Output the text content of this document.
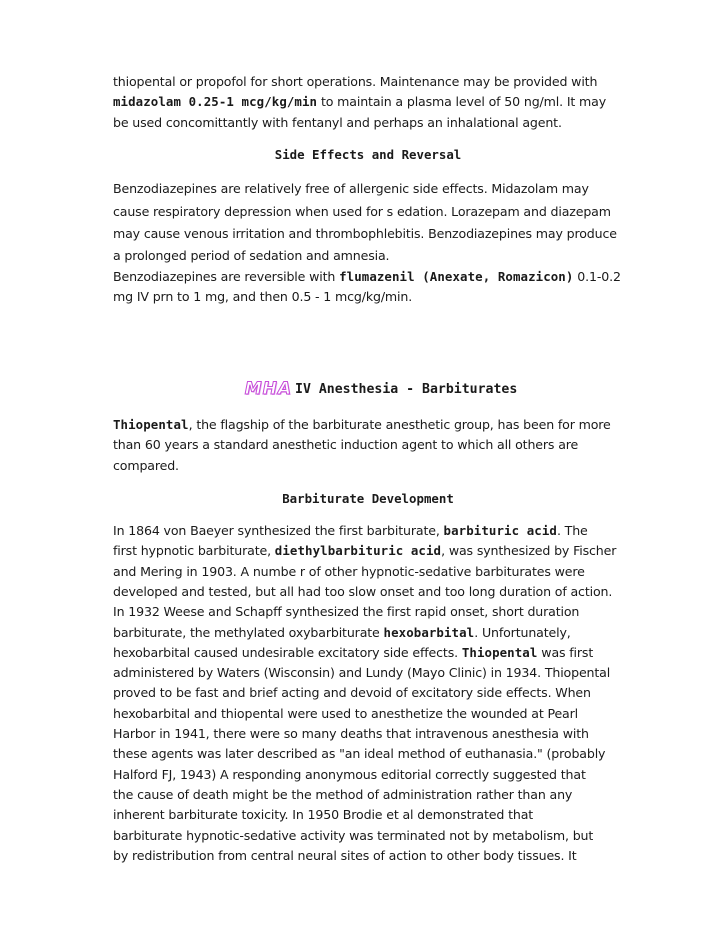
thiopental or propofol for short operations. Maintenance may be provided with
midazolam 0.25-1 mcg/kg/min to maintain a plasma level of 50 ng/ml. It may
be used concomittantly with fentanyl and perhaps an inhalational agent.

Side Effects and Reversal

Benzodiazepines are relatively free of allergenic side effects. Midazolam may
cause respiratory depression when used for s edation. Lorazepam and diazepam
may cause venous irritation and thrombophlebitis. Benzodiazepines may produce
a prolonged period of sedation and amnesia.
Benzodiazepines are reversible with flumazenil (Anexate, Romazicon) 0.1-0.2
mg IV prn to 1 mg, and then 0.5 - 1 mcg/kg/min.

MHA IV Anesthesia - Barbiturates

Thiopental, the flagship of the barbiturate anesthetic group, has been for more
than 60 years a standard anesthetic induction agent to which all others are
compared.

Barbiturate Development

In 1864 von Baeyer synthesized the first barbiturate, barbituric acid. The
first hypnotic barbiturate, diethylbarbituric acid, was synthesized by Fischer
and Mering in 1903. A numbe r of other hypnotic-sedative barbiturates were
developed and tested, but all had too slow onset and too long duration of action.
In 1932 Weese and Schapff synthesized the first rapid onset, short duration
barbiturate, the methylated oxybarbiturate hexobarbital. Unfortunately,
hexobarbital caused undesirable excitatory side effects. Thiopental was first
administered by Waters (Wisconsin) and Lundy (Mayo Clinic) in 1934. Thiopental
proved to be fast and brief acting and devoid of excitatory side effects. When
hexobarbital and thiopental were used to anesthetize the wounded at Pearl
Harbor in 1941, there were so many deaths that intravenous anesthesia with
these agents was later described as "an ideal method of euthanasia." (probably
Halford FJ, 1943) A responding anonymous editorial correctly suggested that
the cause of death might be the method of administration rather than any
inherent barbiturate toxicity. In 1950 Brodie et al demonstrated that
barbiturate hypnotic-sedative activity was terminated not by metabolism, but
by redistribution from central neural sites of action to other body tissues. It
